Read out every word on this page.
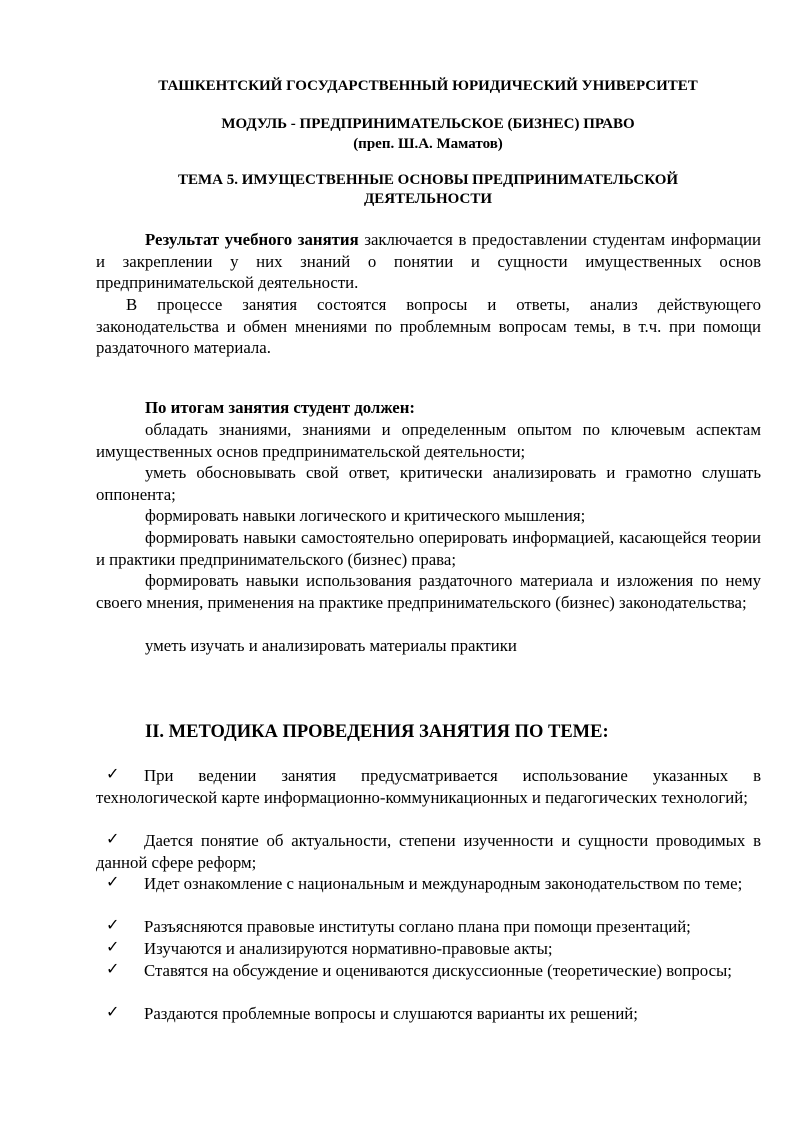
ТАШКЕНТСКИЙ ГОСУДАРСТВЕННЫЙ ЮРИДИЧЕСКИЙ УНИВЕРСИТЕТ
МОДУЛЬ - ПРЕДПРИНИМАТЕЛЬСКОЕ (БИЗНЕС) ПРАВО
(преп. Ш.А. Маматов)
ТЕМА 5. ИМУЩЕСТВЕННЫЕ ОСНОВЫ ПРЕДПРИНИМАТЕЛЬСКОЙ
ДЕЯТЕЛЬНОСТИ
Результат учебного занятия заключается в предоставлении студентам информации и закреплении у них знаний о понятии и сущности имущественных основ предпринимательской деятельности.
В процессе занятия состоятся вопросы и ответы, анализ действующего законодательства и обмен мнениями по проблемным вопросам темы, в т.ч. при помощи раздаточного материала.
По итогам занятия студент должен:
обладать знаниями, знаниями и определенным опытом по ключевым аспектам имущественных основ предпринимательской деятельности;
уметь обосновывать свой ответ, критически анализировать и грамотно слушать оппонента;
формировать навыки логического и критического мышления;
формировать навыки самостоятельно оперировать информацией, касающейся теории и практики предпринимательского (бизнес) права;
формировать навыки использования раздаточного материала и изложения по нему своего мнения, применения на практике предпринимательского (бизнес) законодательства;
уметь изучать и анализировать материалы практики
II. МЕТОДИКА ПРОВЕДЕНИЯ ЗАНЯТИЯ ПО ТЕМЕ:
✓	При ведении занятия предусматривается использование указанных в технологической карте информационно-коммуникационных и педагогических технологий;
✓	Дается понятие об актуальности, степени изученности и сущности проводимых в данной сфере реформ;
✓	Идет ознакомление с национальным и международным законодательством по теме;
✓	Разъясняются правовые институты соглано плана при помощи презентаций;
✓	Изучаются и анализируются нормативно-правовые акты;
✓	Ставятся на обсуждение и оцениваются дискуссионные (теоретические) вопросы;
✓	Раздаются проблемные вопросы и слушаются варианты их решений;
